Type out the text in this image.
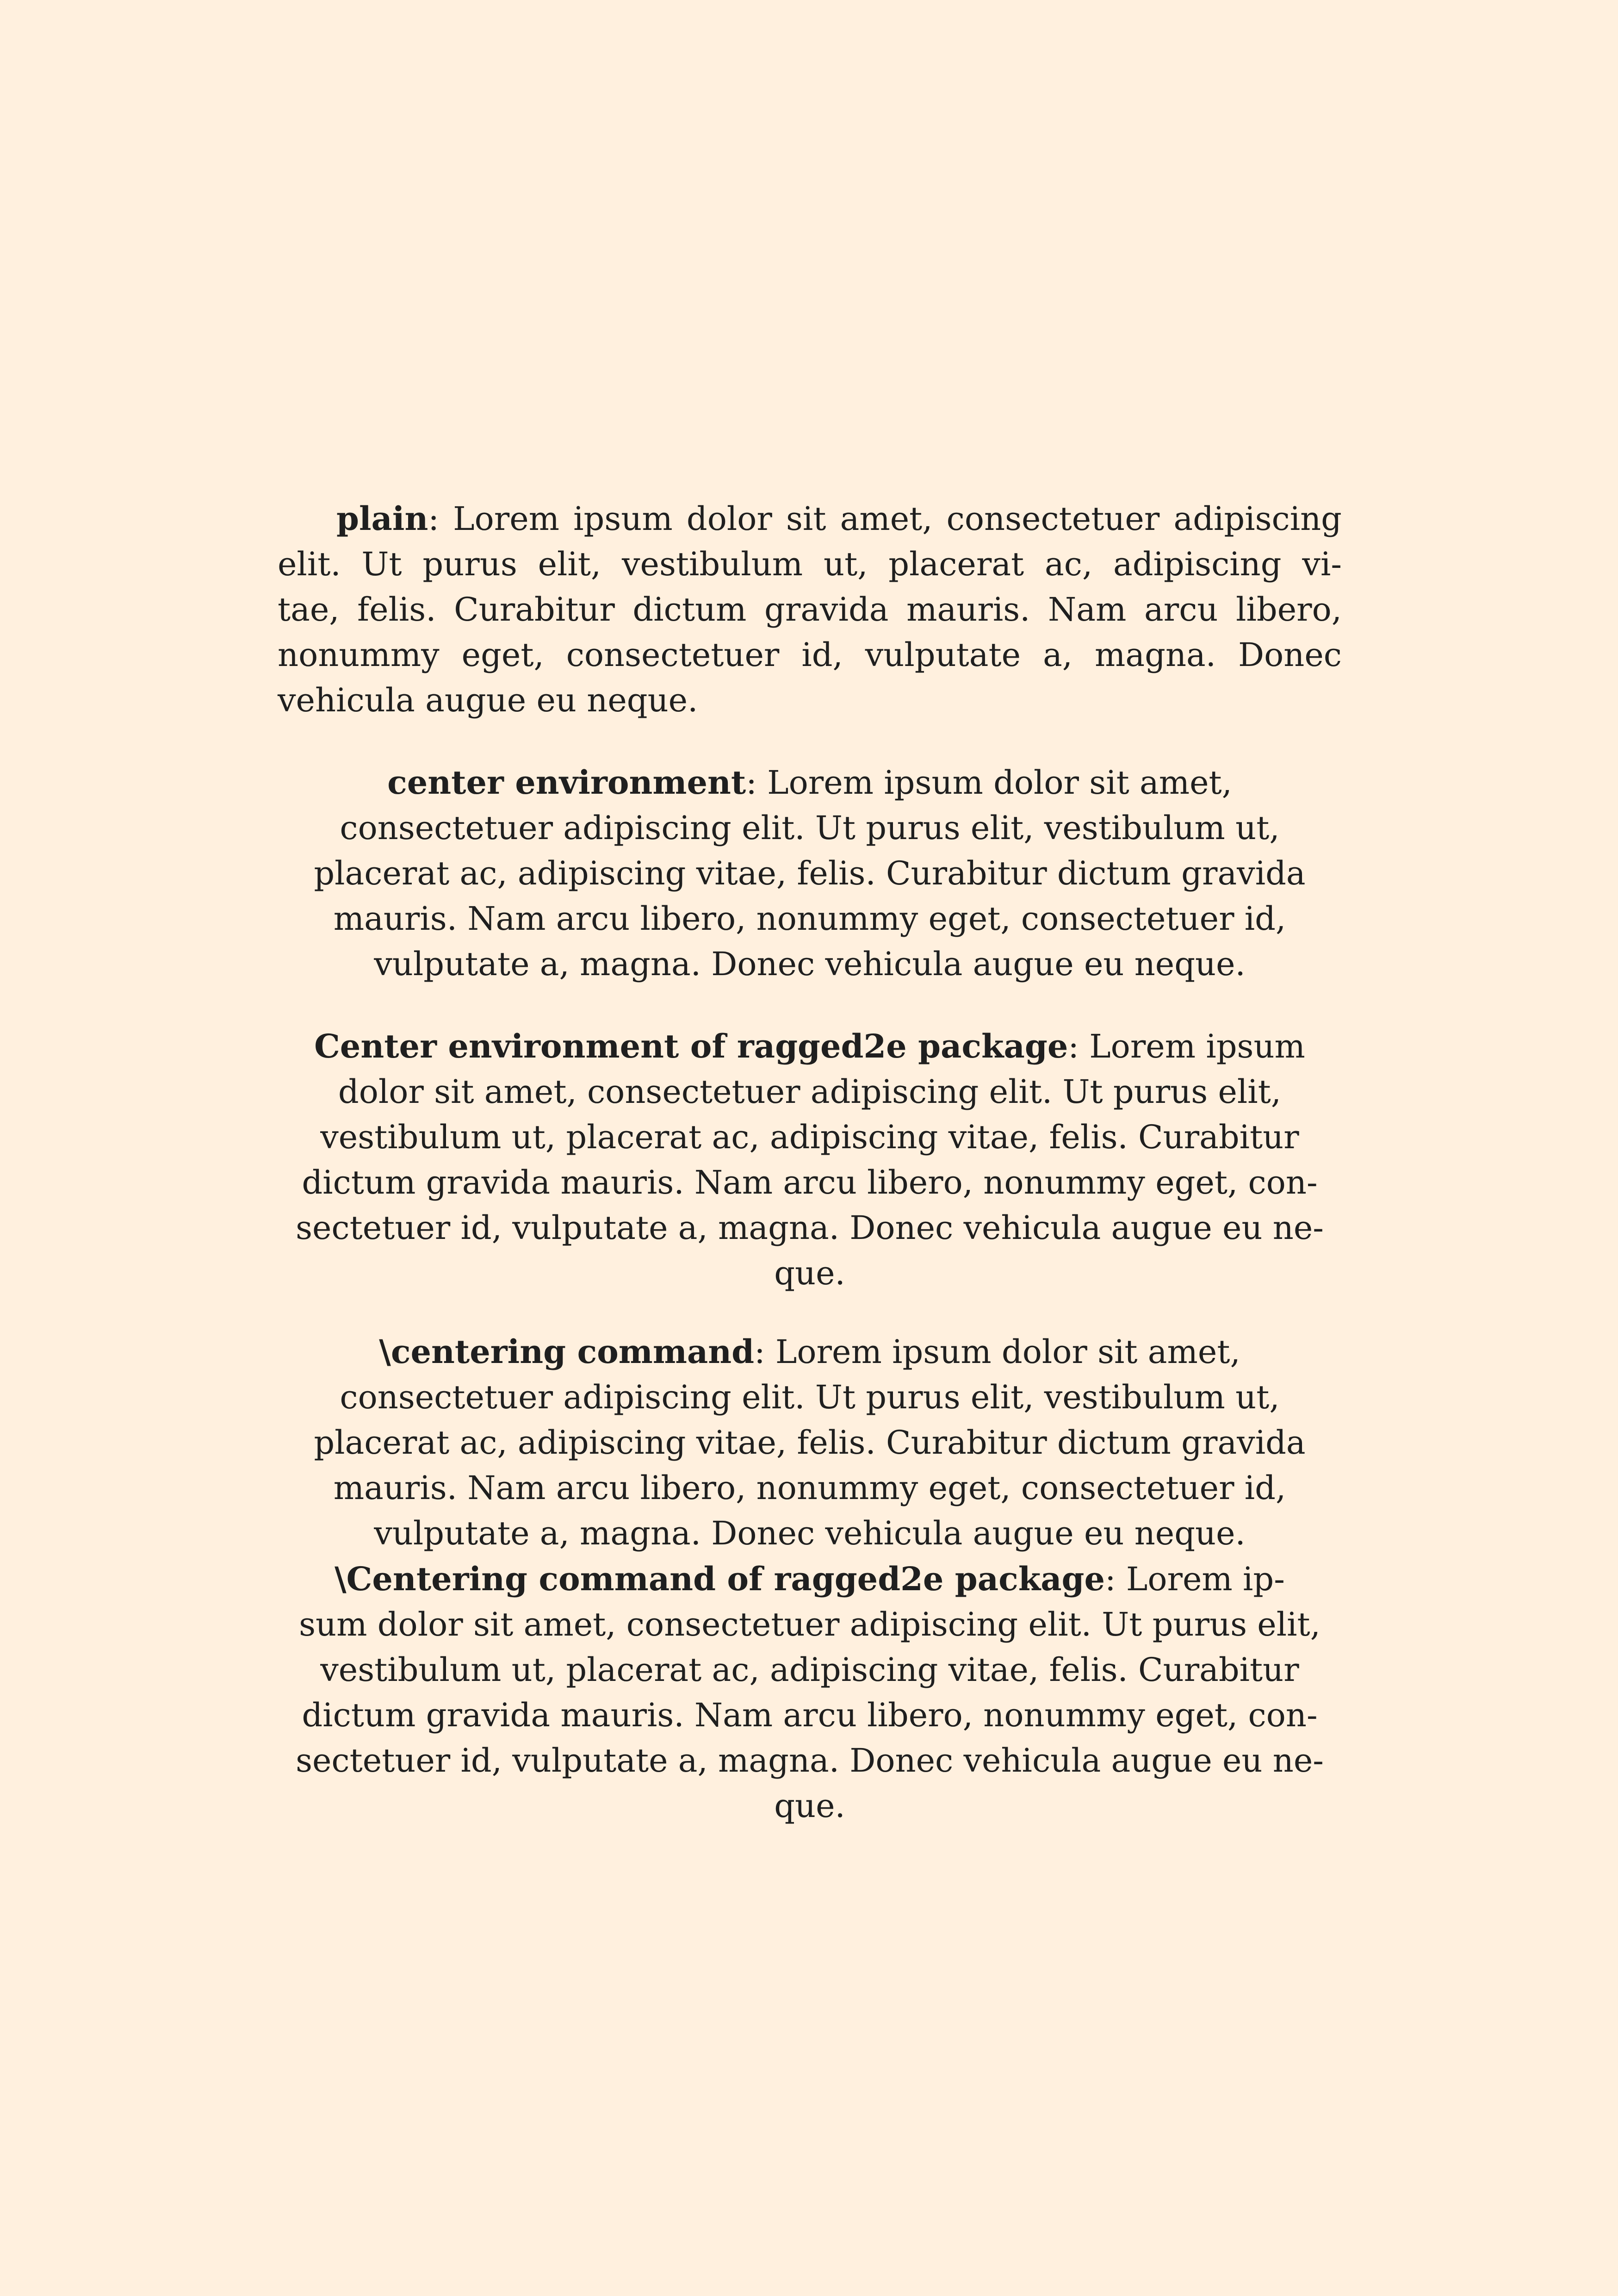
plain: Lorem ipsum dolor sit amet, consectetuer adipiscing
elit. Ut purus elit, vestibulum ut, placerat ac, adipiscing vi-
tae, felis. Curabitur dictum gravida mauris. Nam arcu libero,
nonummy eget, consectetuer id, vulputate a, magna. Donec
vehicula augue eu neque.
center environment: Lorem ipsum dolor sit amet,
consectetuer adipiscing elit. Ut purus elit, vestibulum ut,
placerat ac, adipiscing vitae, felis. Curabitur dictum gravida
mauris. Nam arcu libero, nonummy eget, consectetuer id,
vulputate a, magna. Donec vehicula augue eu neque.
Center environment of ragged2e package: Lorem ipsum
dolor sit amet, consectetuer adipiscing elit. Ut purus elit,
vestibulum ut, placerat ac, adipiscing vitae, felis. Curabitur
dictum gravida mauris. Nam arcu libero, nonummy eget, con-
sectetuer id, vulputate a, magna. Donec vehicula augue eu ne-
que.
\centering command: Lorem ipsum dolor sit amet,
consectetuer adipiscing elit. Ut purus elit, vestibulum ut,
placerat ac, adipiscing vitae, felis. Curabitur dictum gravida
mauris. Nam arcu libero, nonummy eget, consectetuer id,
vulputate a, magna. Donec vehicula augue eu neque.
\Centering command of ragged2e package: Lorem ip-
sum dolor sit amet, consectetuer adipiscing elit. Ut purus elit,
vestibulum ut, placerat ac, adipiscing vitae, felis. Curabitur
dictum gravida mauris. Nam arcu libero, nonummy eget, con-
sectetuer id, vulputate a, magna. Donec vehicula augue eu ne-
que.
